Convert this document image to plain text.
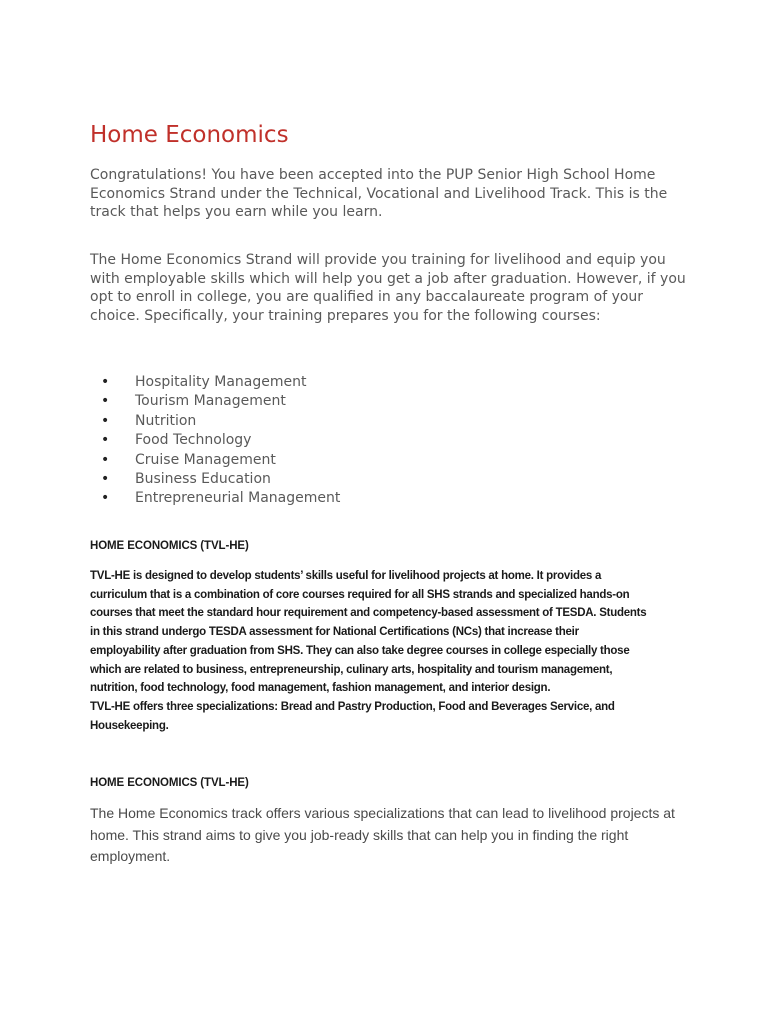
Home Economics

Congratulations! You have been accepted into the PUP Senior High School Home Economics Strand under the Technical, Vocational and Livelihood Track. This is the track that helps you earn while you learn.

The Home Economics Strand will provide you training for livelihood and equip you with employable skills which will help you get a job after graduation. However, if you opt to enroll in college, you are qualified in any baccalaureate program of your choice. Specifically, your training prepares you for the following courses:

• Hospitality Management
• Tourism Management
• Nutrition
• Food Technology
• Cruise Management
• Business Education
• Entrepreneurial Management
HOME ECONOMICS (TVL-HE)

TVL-HE is designed to develop students’ skills useful for livelihood projects at home. It provides a curriculum that is a combination of core courses required for all SHS strands and specialized hands-on courses that meet the standard hour requirement and competency-based assessment of TESDA. Students in this strand undergo TESDA assessment for National Certifications (NCs) that increase their employability after graduation from SHS. They can also take degree courses in college especially those which are related to business, entrepreneurship, culinary arts, hospitality and tourism management, nutrition, food technology, food management, fashion management, and interior design.

TVL-HE offers three specializations: Bread and Pastry Production, Food and Beverages Service, and Housekeeping.

HOME ECONOMICS (TVL-HE)

The Home Economics track offers various specializations that can lead to livelihood projects at home. This strand aims to give you job-ready skills that can help you in finding the right employment.
